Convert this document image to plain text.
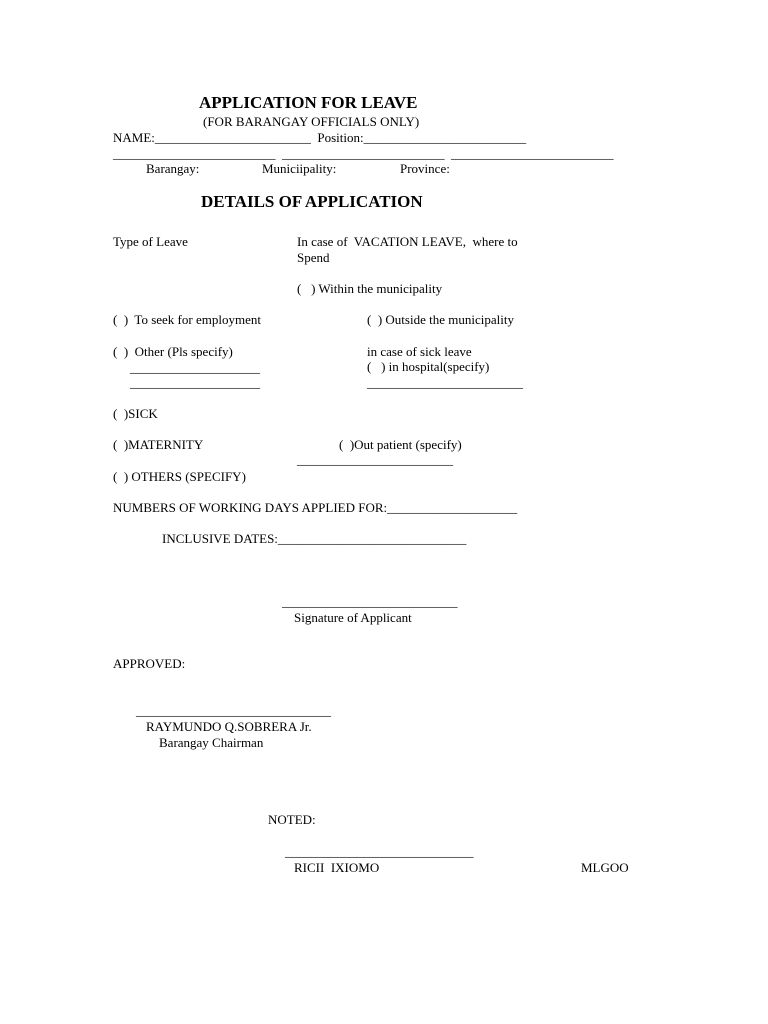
APPLICATION FOR LEAVE
(FOR BARANGAY OFFICIALS ONLY)
NAME:________________________  Position:_________________________
_________________________  _________________________  _________________________
Barangay:	Municiipality:	Province:
DETAILS OF APPLICATION
Type of Leave	In case of  VACATION LEAVE,  where to
Spend
(   ) Within the municipality
(  )  To seek for employment	(  ) Outside the municipality
(  )  Other (Pls specify)
____________________
____________________
in case of sick leave
(   ) in hospital(specify)
________________________
(  )SICK
(  )MATERNITY	(  )Out patient (specify)
________________________
(  ) OTHERS (SPECIFY)
NUMBERS OF WORKING DAYS APPLIED FOR:____________________
INCLUSIVE DATES:_____________________________
___________________________
Signature of Applicant
APPROVED:
______________________________
RAYMUNDO Q.SOBRERA Jr.
Barangay Chairman
NOTED:
_____________________________
RICII  IXIOMO	MLGOO
